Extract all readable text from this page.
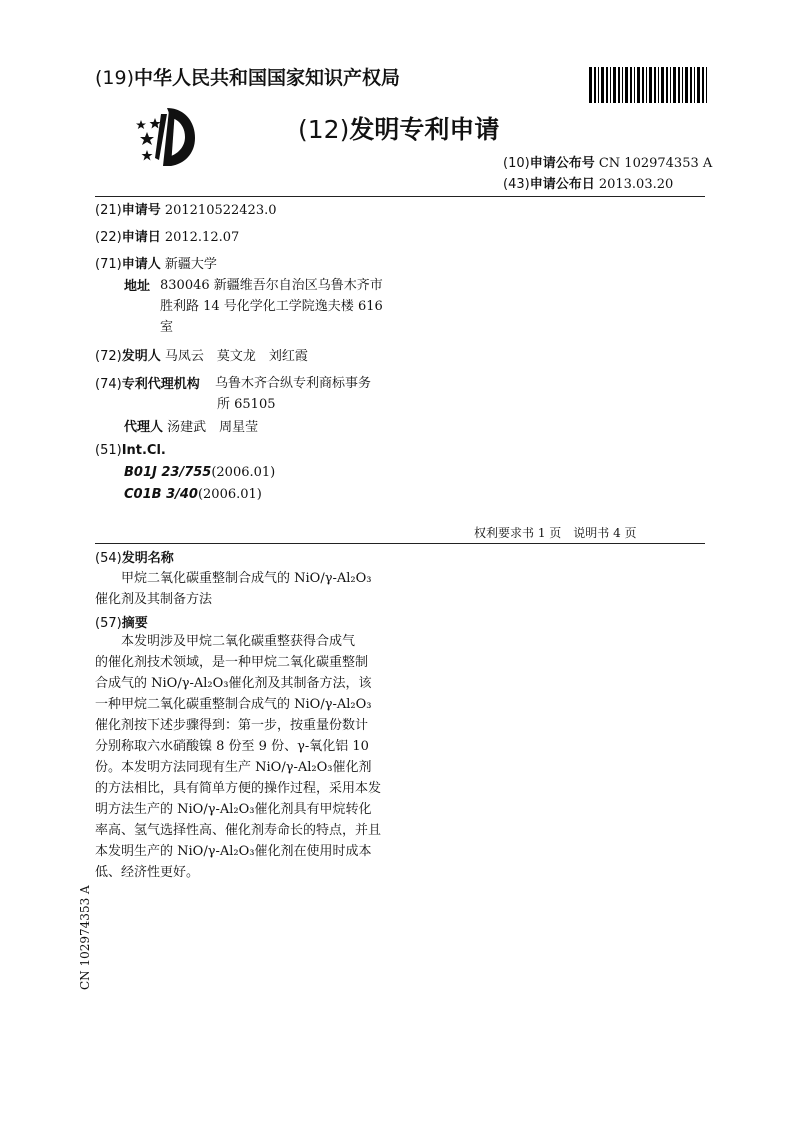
(19)中华人民共和国国家知识产权局
(12)发明专利申请
(10)申请公布号 CN 102974353 A
(43)申请公布日 2013.03.20
(21)申请号 201210522423.0
(22)申请日 2012.12.07
(71)申请人 新疆大学
地址 830046 新疆维吾尔自治区乌鲁木齐市
胜利路 14 号化学化工学院逸夫楼 616
室
(72)发明人 马凤云　莫文龙　刘红霞
(74)专利代理机构 乌鲁木齐合纵专利商标事务
所 65105
代理人 汤建武　周星莹
(51)Int.Cl.
B01J 23/755(2006.01)
C01B 3/40(2006.01)
权利要求书 1 页　说明书 4 页
(54)发明名称
甲烷二氧化碳重整制合成气的 NiO/γ-Al₂O₃
催化剂及其制备方法
(57)摘要
本发明涉及甲烷二氧化碳重整获得合成气
的催化剂技术领域，是一种甲烷二氧化碳重整制
合成气的 NiO/γ-Al₂O₃催化剂及其制备方法，该
一种甲烷二氧化碳重整制合成气的 NiO/γ-Al₂O₃
催化剂按下述步骤得到：第一步，按重量份数计
分别称取六水硝酸镍 8 份至 9 份、γ-氧化铝 10
份。本发明方法同现有生产 NiO/γ-Al₂O₃催化剂
的方法相比，具有简单方便的操作过程，采用本发
明方法生产的 NiO/γ-Al₂O₃催化剂具有甲烷转化
率高、氢气选择性高、催化剂寿命长的特点，并且
本发明生产的 NiO/γ-Al₂O₃催化剂在使用时成本
低、经济性更好。
CN 102974353 A
